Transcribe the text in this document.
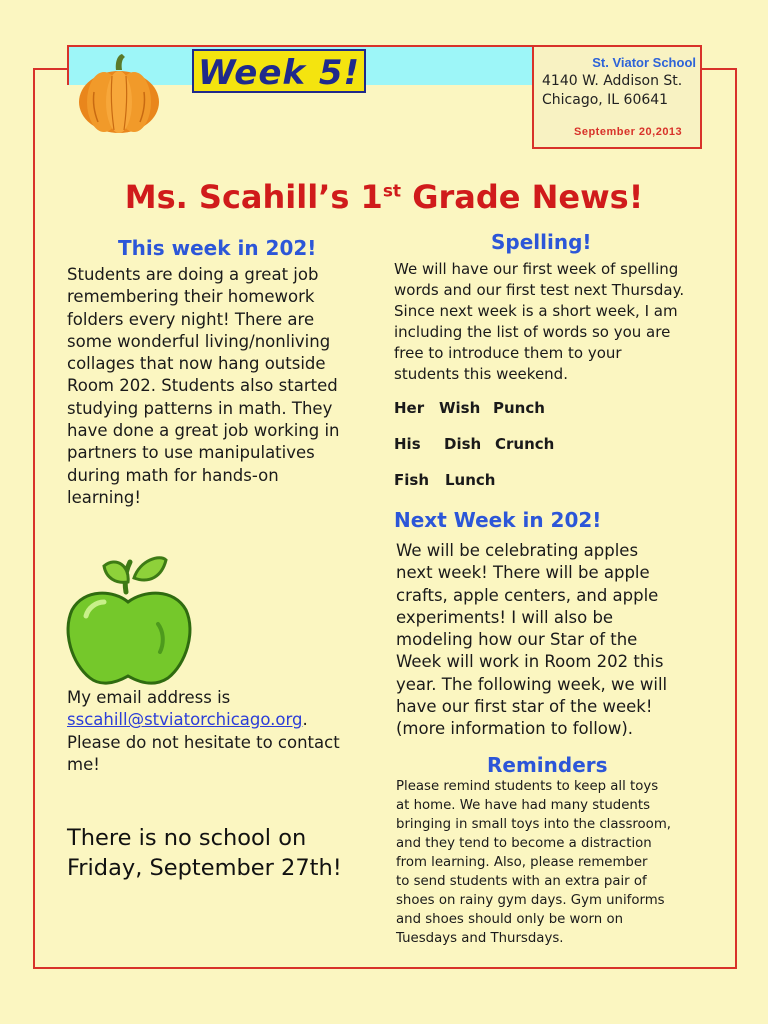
Week 5!	St. Viator School
4140 W. Addison St.
Chicago, IL 60641
September 20,2013
Ms. Scahill’s 1st Grade News!
This week in 202!
Students are doing a great job
remembering their homework
folders every night! There are
some wonderful living/nonliving
collages that now hang outside
Room 202. Students also started
studying patterns in math. They
have done a great job working in
partners to use manipulatives
during math for hands-on
learning!
My email address is
sscahill@stviatorchicago.org.
Please do not hesitate to contact
me!
There is no school on
Friday, September 27th!
Spelling!
We will have our first week of spelling
words and our first test next Thursday.
Since next week is a short week, I am
including the list of words so you are
free to introduce them to your
students this weekend.
Her Wish Punch
His Dish Crunch
Fish Lunch
Next Week in 202!
We will be celebrating apples
next week! There will be apple
crafts, apple centers, and apple
experiments! I will also be
modeling how our Star of the
Week will work in Room 202 this
year. The following week, we will
have our first star of the week!
(more information to follow).
Reminders
Please remind students to keep all toys
at home. We have had many students
bringing in small toys into the classroom,
and they tend to become a distraction
from learning. Also, please remember
to send students with an extra pair of
shoes on rainy gym days. Gym uniforms
and shoes should only be worn on
Tuesdays and Thursdays.
